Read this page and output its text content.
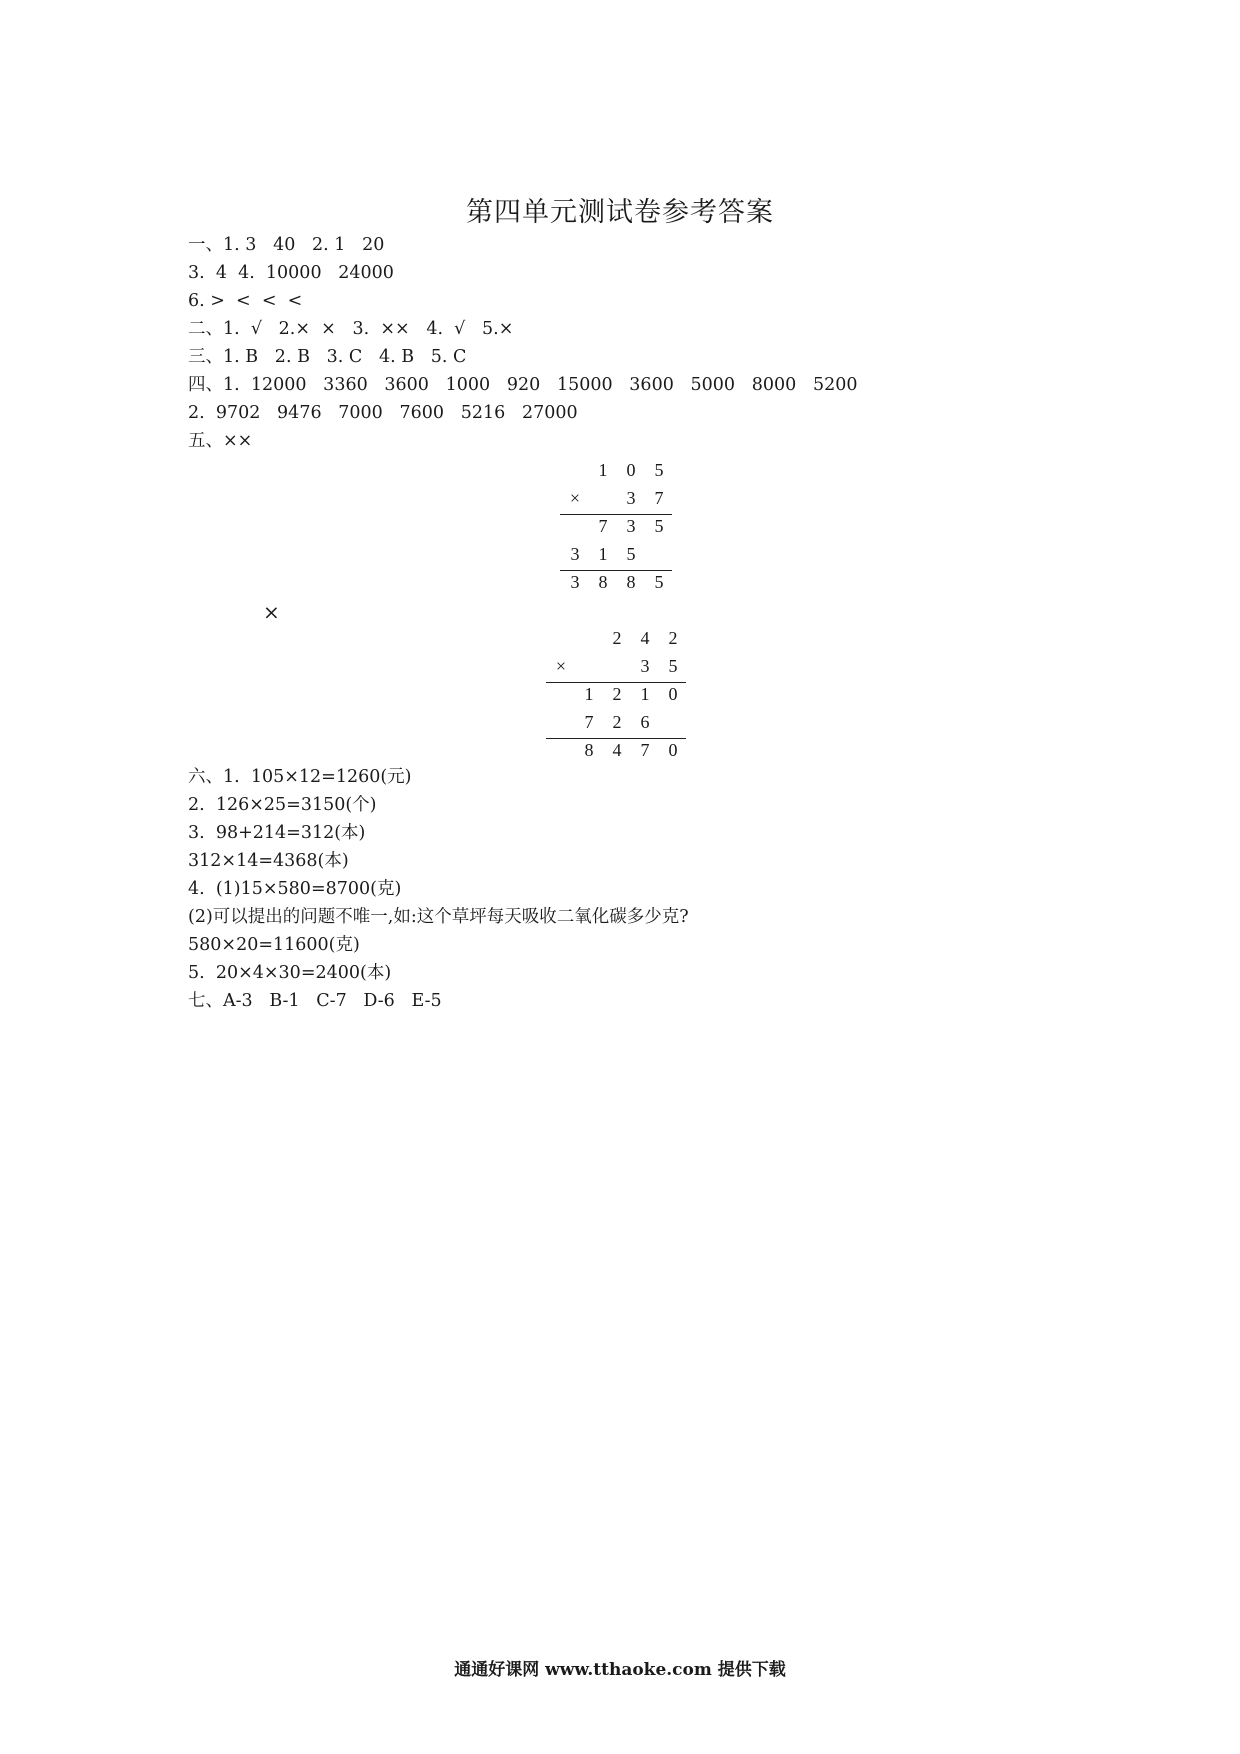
第四单元测试卷参考答案
一、1. 3   40   2. 1   20
3.  4  4.  10000   24000
6. >  <  <  <
二、1.  √   2.×  ×   3.  ××   4.  √   5.×
三、1. B   2. B   3. C   4. B   5. C
四、1.  12000   3360   3600   1000   920   15000   3600   5000   8000   5200
2.  9702   9476   7000   7600   5216   27000
五、××
1 0 5
×	3 7
7 3 5
3 1 5
3 8 8 5
×
2 4 2
×	3 5
1 2 1 0
7 2 6
8 4 7 0
六、1.  105×12=1260(元)
2.  126×25=3150(个)
3.  98+214=312(本)
312×14=4368(本)
4.  (1)15×580=8700(克)
(2)可以提出的问题不唯一,如:这个草坪每天吸收二氧化碳多少克?
580×20=11600(克)
5.  20×4×30=2400(本)
七、A-3   B-1   C-7   D-6   E-5
通通好课网 www.tthaoke.com 提供下载
